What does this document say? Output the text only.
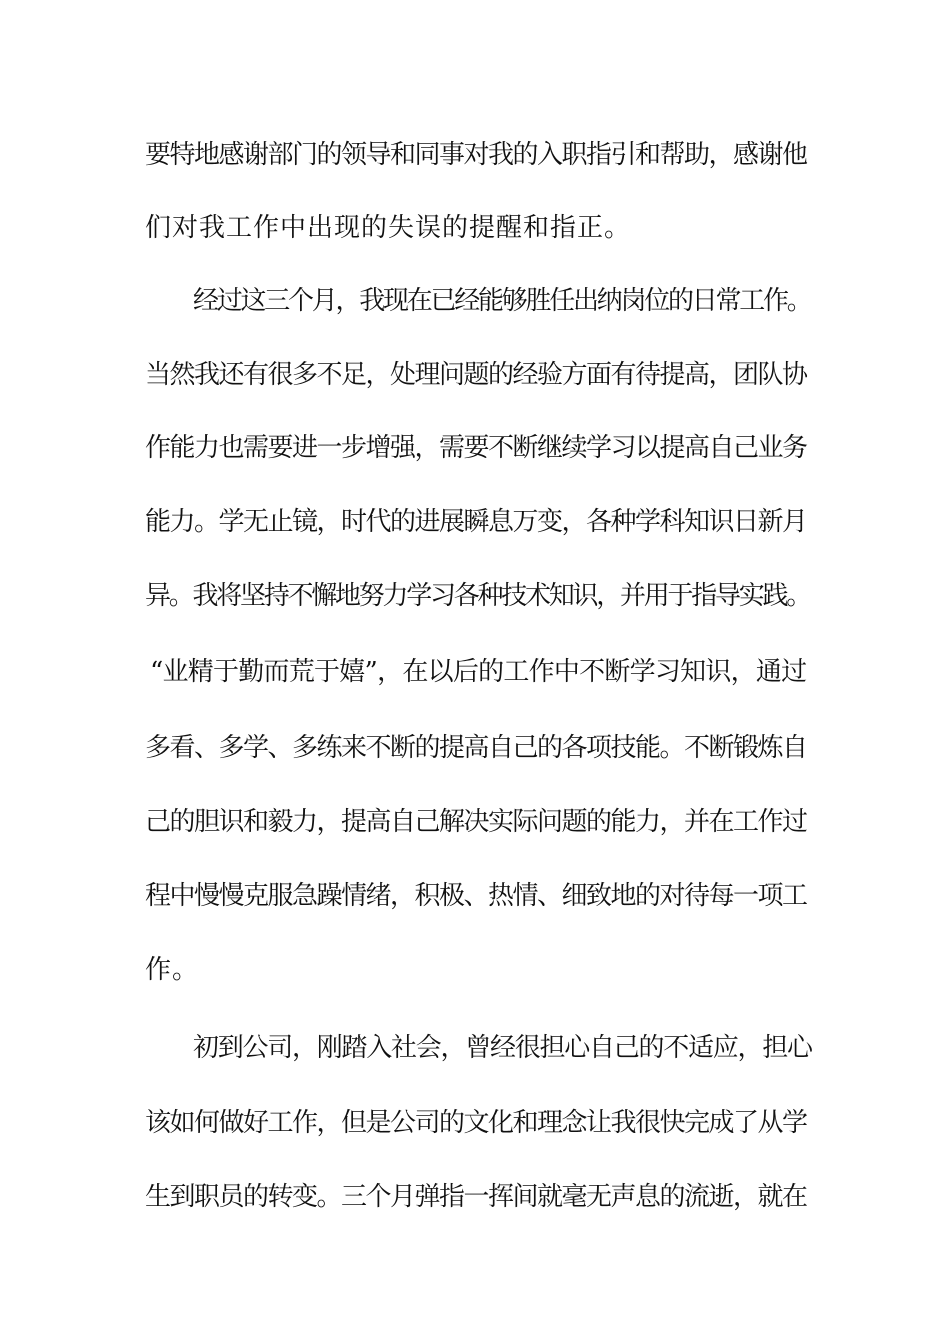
要特地感谢部门的领导和同事对我的入职指引和帮助，感谢他
们对我工作中出现的失误的提醒和指正。
经过这三个月，我现在已经能够胜任出纳岗位的日常工作。
当然我还有很多不足，处理问题的经验方面有待提高，团队协
作能力也需要进一步增强，需要不断继续学习以提高自己业务
能力。学无止镜，时代的进展瞬息万变，各种学科知识日新月
异。我将坚持不懈地努力学习各种技术知识，并用于指导实践。
“业精于勤而荒于嬉”，在以后的工作中不断学习知识，通过
多看、多学、多练来不断的提高自己的各项技能。不断锻炼自
己的胆识和毅力，提高自己解决实际问题的能力，并在工作过
程中慢慢克服急躁情绪，积极、热情、细致地的对待每一项工
作。
初到公司，刚踏入社会，曾经很担心自己的不适应，担心
该如何做好工作，但是公司的文化和理念让我很快完成了从学
生到职员的转变。三个月弹指一挥间就毫无声息的流逝，就在
